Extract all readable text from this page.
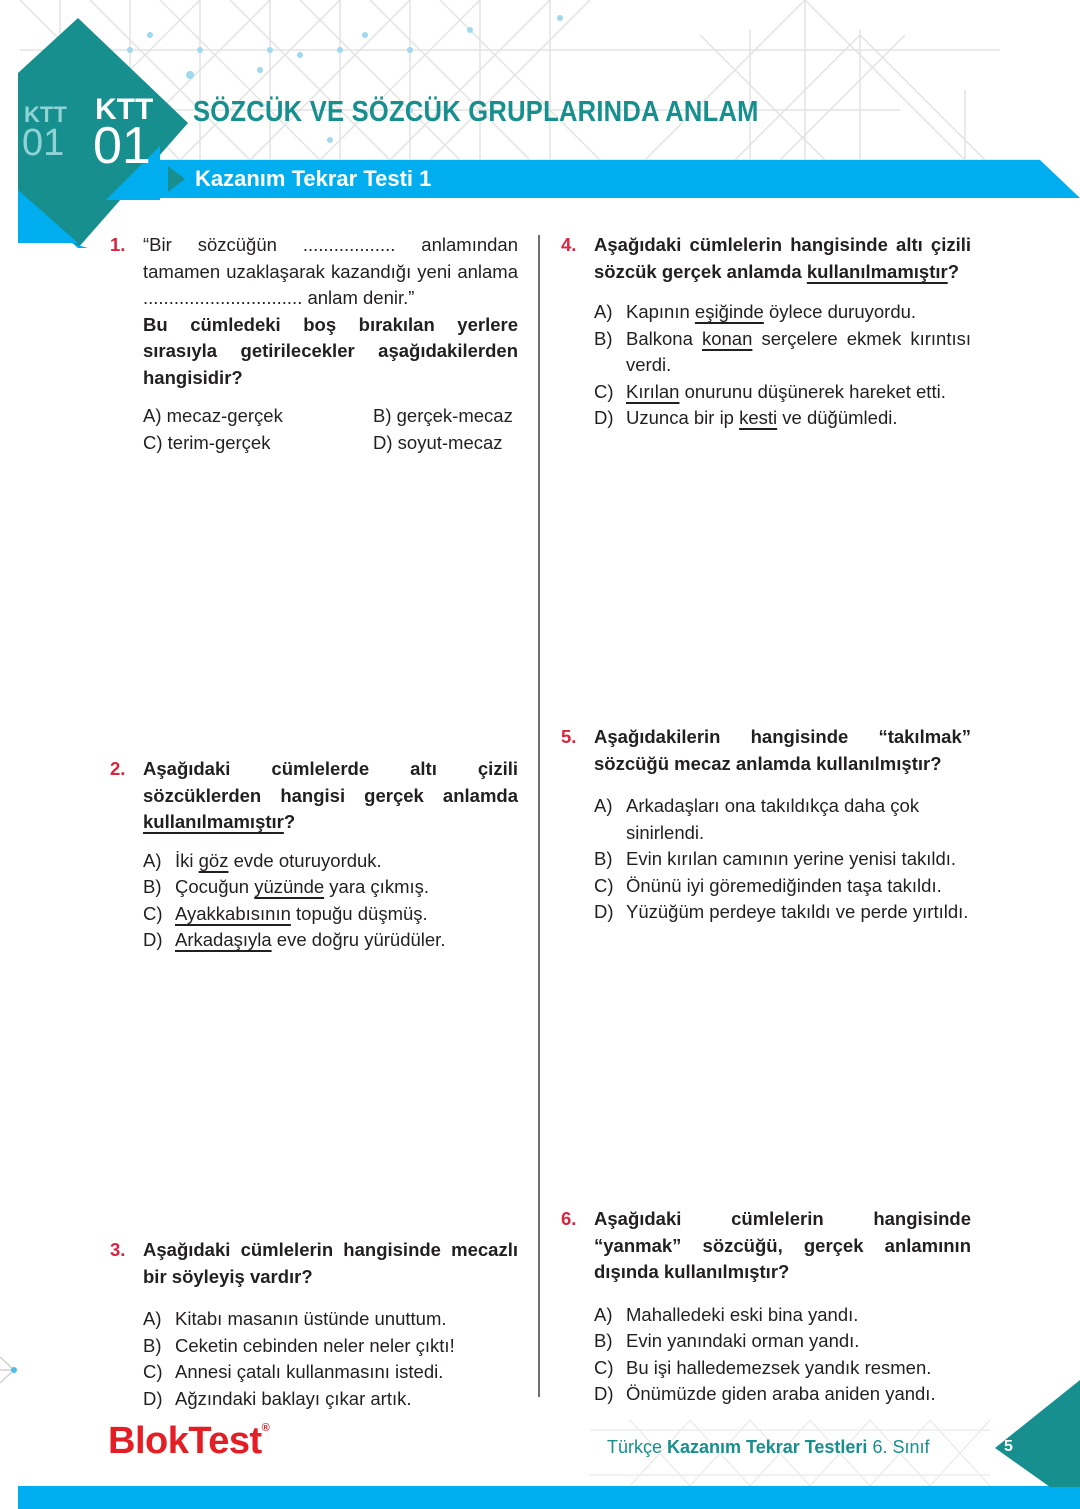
KTT
01
KTT
01
SÖZCÜK VE SÖZCÜK GRUPLARINDA ANLAM
Kazanım Tekrar Testi 1
1. “Bir sözcüğün .................. anlamından tamamen uzaklaşarak kazandığı yeni anlama ............................... anlam denir.”
Bu cümledeki boş bırakılan yerlere sırasıyla getirilecekler aşağıdakilerden hangisidir?
A) mecaz-gerçek	B) gerçek-mecaz
C) terim-gerçek	D) soyut-mecaz
2. Aşağıdaki cümlelerde altı çizili sözcüklerden hangisi gerçek anlamda kullanılmamıştır?
A) İki göz evde oturuyorduk.
B) Çocuğun yüzünde yara çıkmış.
C) Ayakkabısının topuğu düşmüş.
D) Arkadaşıyla eve doğru yürüdüler.
3. Aşağıdaki cümlelerin hangisinde mecazlı bir söyleyiş vardır?
A) Kitabı masanın üstünde unuttum.
B) Ceketin cebinden neler neler çıktı!
C) Annesi çatalı kullanmasını istedi.
D) Ağzındaki baklayı çıkar artık.
4. Aşağıdaki cümlelerin hangisinde altı çizili sözcük gerçek anlamda kullanılmamıştır?
A) Kapının eşiğinde öylece duruyordu.
B) Balkona konan serçelere ekmek kırıntısı verdi.
C) Kırılan onurunu düşünerek hareket etti.
D) Uzunca bir ip kesti ve düğümledi.
5. Aşağıdakilerin hangisinde “takılmak” sözcüğü mecaz anlamda kullanılmıştır?
A) Arkadaşları ona takıldıkça daha çok sinirlendi.
B) Evin kırılan camının yerine yenisi takıldı.
C) Önünü iyi göremediğinden taşa takıldı.
D) Yüzüğüm perdeye takıldı ve perde yırtıldı.
6. Aşağıdaki cümlelerin hangisinde “yanmak” sözcüğü, gerçek anlamının dışında kullanılmıştır?
A) Mahalledeki eski bina yandı.
B) Evin yanındaki orman yandı.
C) Bu işi halledemezsek yandık resmen.
D) Önümüzde giden araba aniden yandı.
BlokTest®
Türkçe Kazanım Tekrar Testleri 6. Sınıf	5
